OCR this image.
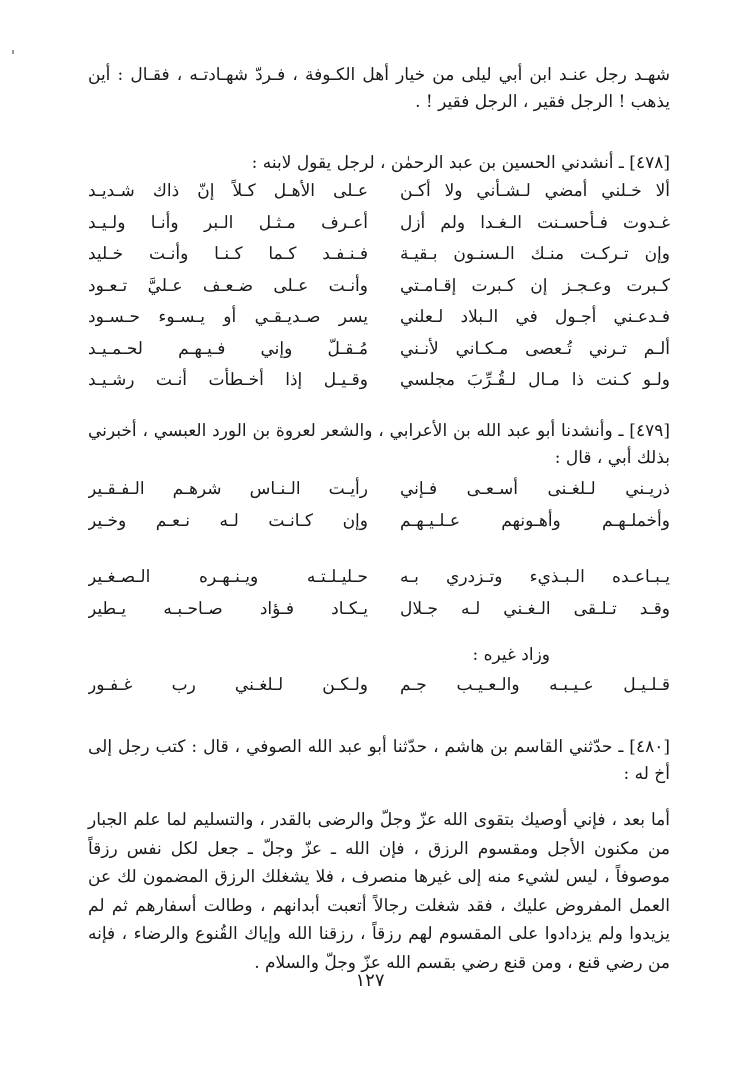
شهـد رجل عنـد ابن أبي ليلى من خيار أهل الكـوفة ، فـردّ شهـادتـه ، فقـال : أين يذهب ! الرجل فقير ، الرجل فقير ! .

[٤٧٨] ـ أنشدني الحسين بن عبد الرحمٰن ، لرجل يقول لابنه :

ألا خـلني أمضي لـشـأني ولا أكـن
عـلى الأهـل كـلاً إنّ ذاك شـديـد
غـدوت فـأحسـنت الـغـدا ولم أزل
أعـرف مـثـل الـبر وأنـا ولـيـد
وإن تـركـت منـك الـسنـون بـقيـة
فـنـفـد كـما كـنـا وأنـت خـليد
كـبرت وعـجـز إن كـبرت إقـامـتي
وأنـت عـلى ضـعـف عـليَّ تـعـود
فـدعـني أجـول في الـبلاد لـعلني
يسر صـديـقـي أو يـسـوء حـسـود
ألـم تـرني تُـعصى مـكـاني لأنـني
مُـقـلّ وإني فـيـهـم لحـمـيـد
ولـو كـنت ذا مـال لـقُـرِّبَ مجلسي
وقـيـل إذا أخـطأت أنـت رشـيـد

[٤٧٩] ـ وأنشدنا أبو عبد الله بن الأعرابي ، والشعر لعروة بن الورد العبسي ، أخبرني بذلك أبي ، قال :

ذريـني لـلغـنى أسـعـى فـإني
رأيـت الـنـاس شرهـم الـفـقـير
وأخملـهـم وأهـونهم عـلـيـهـم
وإن كـانـت لـه نـعـم وخـير
يـبـاعـده الـبـذيء وتـزدري بـه
حـليـلـتـه ويـنـهـره الـصـغـير
وقـد تـلـقى الـغـني لـه جـلال
يـكـاد فـؤاد صـاحـبـه يـطير

وزاد غيره :

قـلـيـل عـيـبـه والـعـيـب جـم
ولـكـن لـلغـني رب غـفـور

[٤٨٠] ـ حدّثني القاسم بن هاشم ، حدّثنا أبو عبد الله الصوفي ، قال : كتب رجل إلى أخ له :

أما بعد ، فإني أوصيك بتقوى الله عزّ وجلّ والرضى بالقدر ، والتسليم لما علم الجبار من مكنون الأجل ومقسوم الرزق ، فإن الله ـ عزّ وجلّ ـ جعل لكل نفس رزقاً موصوفاً ، ليس لشيء منه إلى غيرها منصرف ، فلا يشغلك الرزق المضمون لك عن العمل المفروض عليك ، فقد شغلت رجالاً أتعبت أبدانهم ، وطالت أسفارهم ثم لم يزيدوا ولم يزدادوا على المقسوم لهم رزقاً ، رزقنا الله وإياك القُنوع والرضاء ، فإنه من رضي قنع ، ومن قنع رضي بقسم الله عزّ وجلّ والسلام .

١٢٧
